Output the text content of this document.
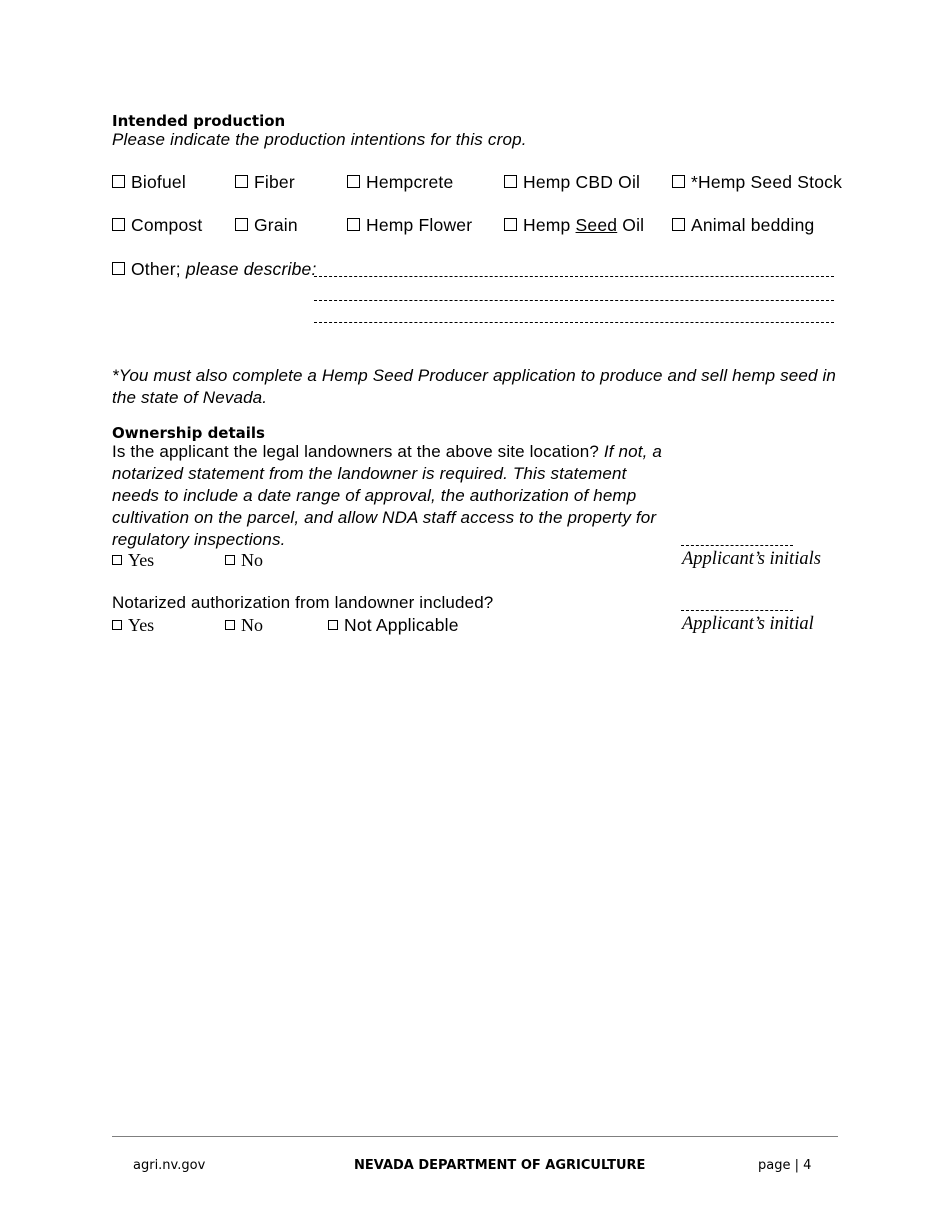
Intended production
Please indicate the production intentions for this crop.
Biofuel	Fiber	Hempcrete	Hemp CBD Oil	*Hemp Seed Stock
Compost	Grain	Hemp Flower	Hemp Seed Oil	Animal bedding
Other; please describe:
*You must also complete a Hemp Seed Producer application to produce and sell hemp seed in the state of Nevada.
Ownership details
Is the applicant the legal landowners at the above site location? If not, a notarized statement from the landowner is required. This statement needs to include a date range of approval, the authorization of hemp cultivation on the parcel, and allow NDA staff access to the property for regulatory inspections.
Yes	No	Applicant’s initials
Notarized authorization from landowner included?
Yes	No	Not Applicable	Applicant’s initial
agri.nv.gov	NEVADA DEPARTMENT OF AGRICULTURE	page | 4
